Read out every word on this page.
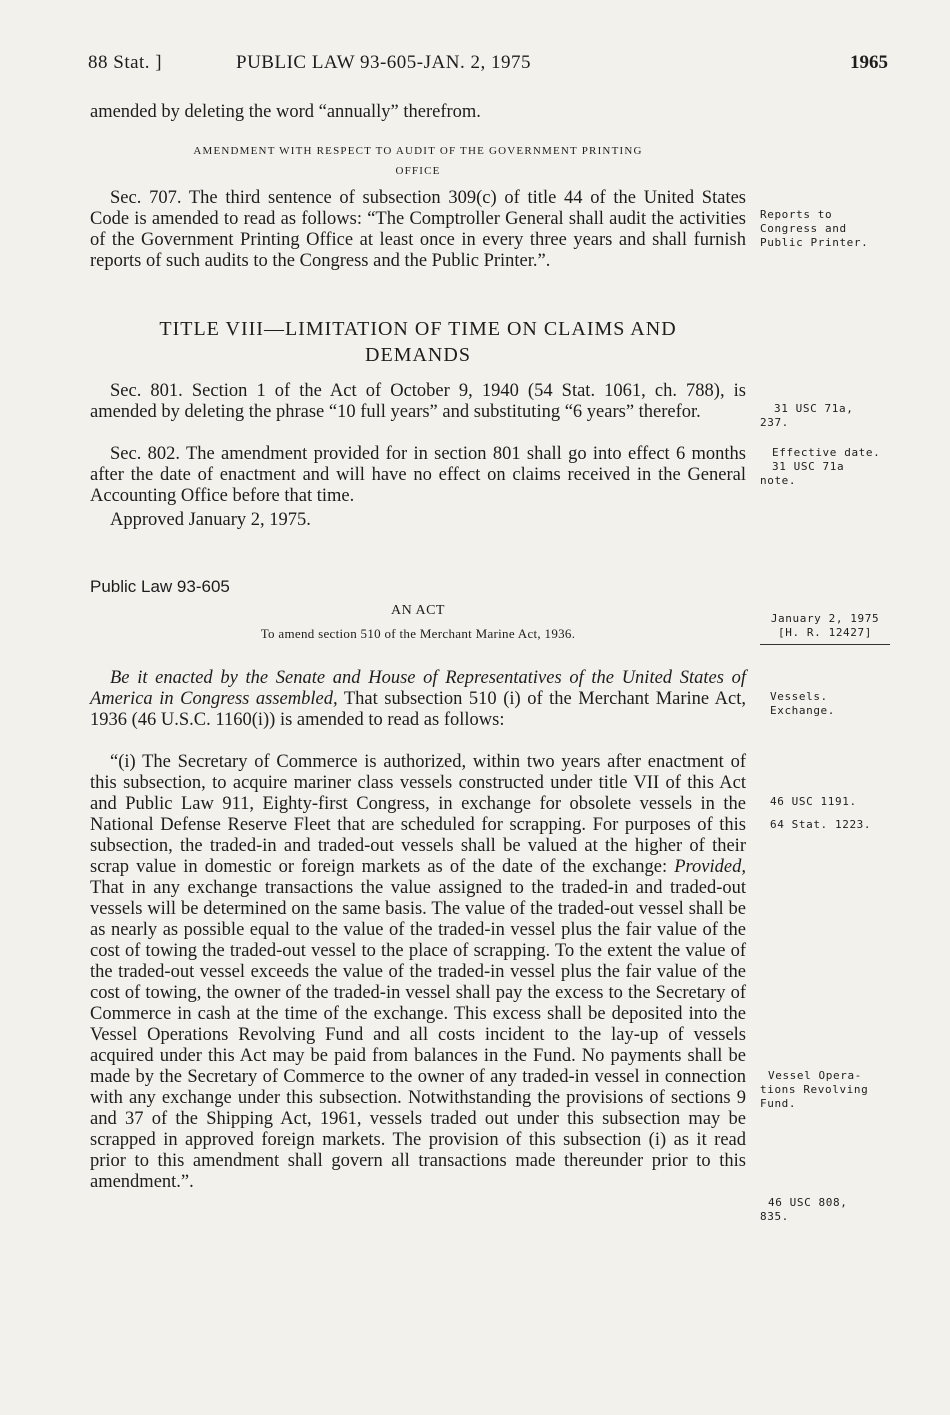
88 Stat. ]	PUBLIC LAW 93-605-JAN. 2, 1975	1965

amended by deleting the word “annually” therefrom.

AMENDMENT WITH RESPECT TO AUDIT OF THE GOVERNMENT PRINTING
OFFICE

Sec. 707. The third sentence of subsection 309(c) of title 44 of the United States Code is amended to read as follows: “The Comptroller General shall audit the activities of the Government Printing Office at least once in every three years and shall furnish reports of such audits to the Congress and the Public Printer.”.

TITLE VIII—LIMITATION OF TIME ON CLAIMS AND
DEMANDS

Sec. 801. Section 1 of the Act of October 9, 1940 (54 Stat. 1061, ch. 788), is amended by deleting the phrase “10 full years” and substituting “6 years” therefor.

Sec. 802. The amendment provided for in section 801 shall go into effect 6 months after the date of enactment and will have no effect on claims received in the General Accounting Office before that time.

Approved January 2, 1975.

Public Law 93-605

AN ACT
To amend section 510 of the Merchant Marine Act, 1936.

Be it enacted by the Senate and House of Representatives of the United States of America in Congress assembled, That subsection 510 (i) of the Merchant Marine Act, 1936 (46 U.S.C. 1160(i)) is amended to read as follows:

“(i) The Secretary of Commerce is authorized, within two years after enactment of this subsection, to acquire mariner class vessels constructed under title VII of this Act and Public Law 911, Eighty-first Congress, in exchange for obsolete vessels in the National Defense Reserve Fleet that are scheduled for scrapping. For purposes of this subsection, the traded-in and traded-out vessels shall be valued at the higher of their scrap value in domestic or foreign markets as of the date of the exchange: Provided, That in any exchange transactions the value assigned to the traded-in and traded-out vessels will be determined on the same basis. The value of the traded-out vessel shall be as nearly as possible equal to the value of the traded-in vessel plus the fair value of the cost of towing the traded-out vessel to the place of scrapping. To the extent the value of the traded-out vessel exceeds the value of the traded-in vessel plus the fair value of the cost of towing, the owner of the traded-in vessel shall pay the excess to the Secretary of Commerce in cash at the time of the exchange. This excess shall be deposited into the Vessel Operations Revolving Fund and all costs incident to the lay-up of vessels acquired under this Act may be paid from balances in the Fund. No payments shall be made by the Secretary of Commerce to the owner of any traded-in vessel in connection with any exchange under this subsection. Notwithstanding the provisions of sections 9 and 37 of the Shipping Act, 1961, vessels traded out under this subsection may be scrapped in approved foreign markets. The provision of this subsection (i) as it read prior to this amendment shall govern all transactions made thereunder prior to this amendment.”.

Reports to
Congress and
Public Printer.
31 USC 71a,
237.
Effective date.
31 USC 71a
note.
January 2, 1975
[H. R. 12427]
Vessels.
Exchange.
46 USC 1191.
64 Stat. 1223.
Vessel Opera-
tions Revolving
Fund.
46 USC 808,
835.
